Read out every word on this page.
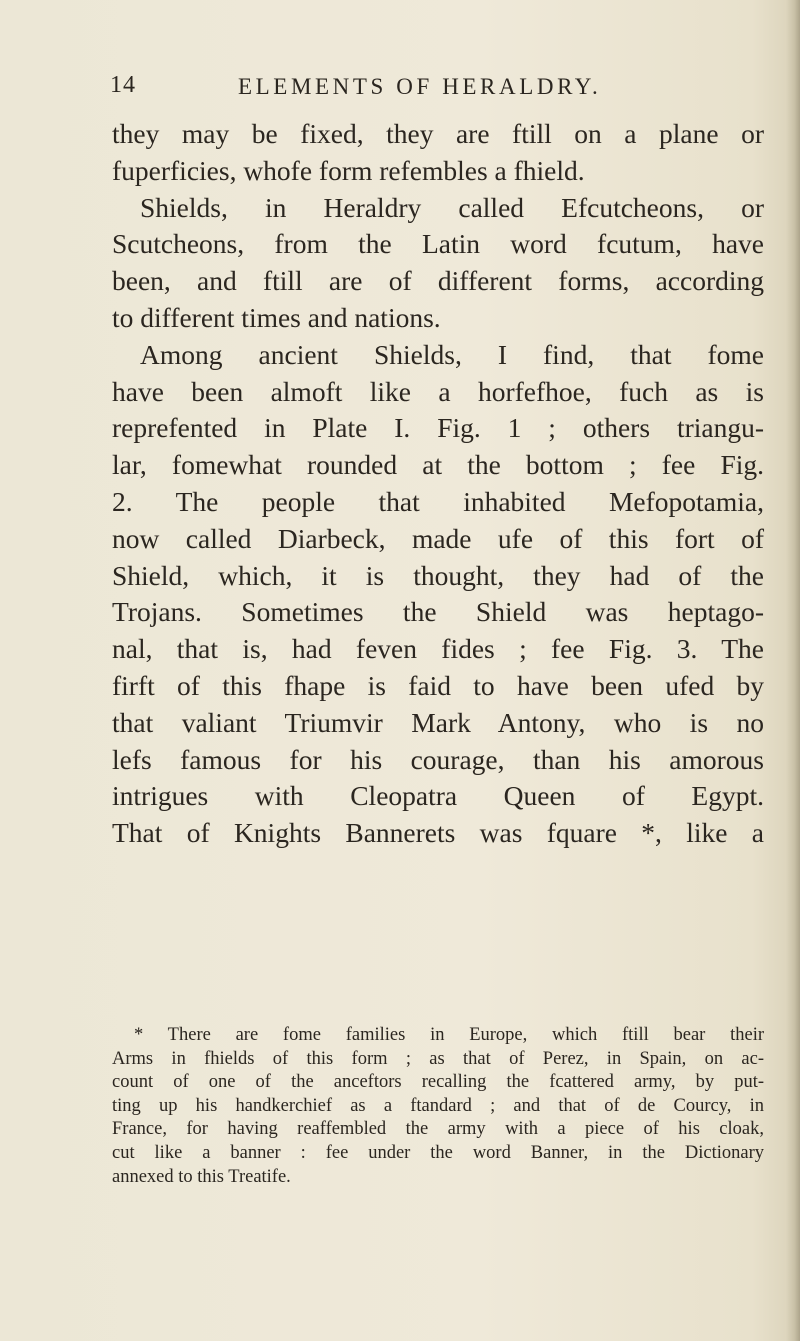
14	ELEMENTS OF HERALDRY.
they may be fixed, they are ftill on a plane or
fuperficies, whofe form refembles a fhield.
Shields, in Heraldry called Efcutcheons, or
Scutcheons, from the Latin word fcutum, have
been, and ftill are of different forms, according
to different times and nations.
Among ancient Shields, I find, that fome
have been almoft like a horfefhoe, fuch as is
reprefented in Plate I. Fig. 1 ; others triangu-
lar, fomewhat rounded at the bottom ; fee Fig.
2. The people that inhabited Mefopotamia,
now called Diarbeck, made ufe of this fort of
Shield, which, it is thought, they had of the
Trojans. Sometimes the Shield was heptago-
nal, that is, had feven fides ; fee Fig. 3. The
firft of this fhape is faid to have been ufed by
that valiant Triumvir Mark Antony, who is no
lefs famous for his courage, than his amorous
intrigues with Cleopatra Queen of Egypt.
That of Knights Bannerets was fquare *, like a
* There are fome families in Europe, which ftill bear their
Arms in fhields of this form ; as that of Perez, in Spain, on ac-
count of one of the anceftors recalling the fcattered army, by put-
ting up his handkerchief as a ftandard ; and that of de Courcy, in
France, for having reaffembled the army with a piece of his cloak,
cut like a banner : fee under the word Banner, in the Dictionary
annexed to this Treatife.
